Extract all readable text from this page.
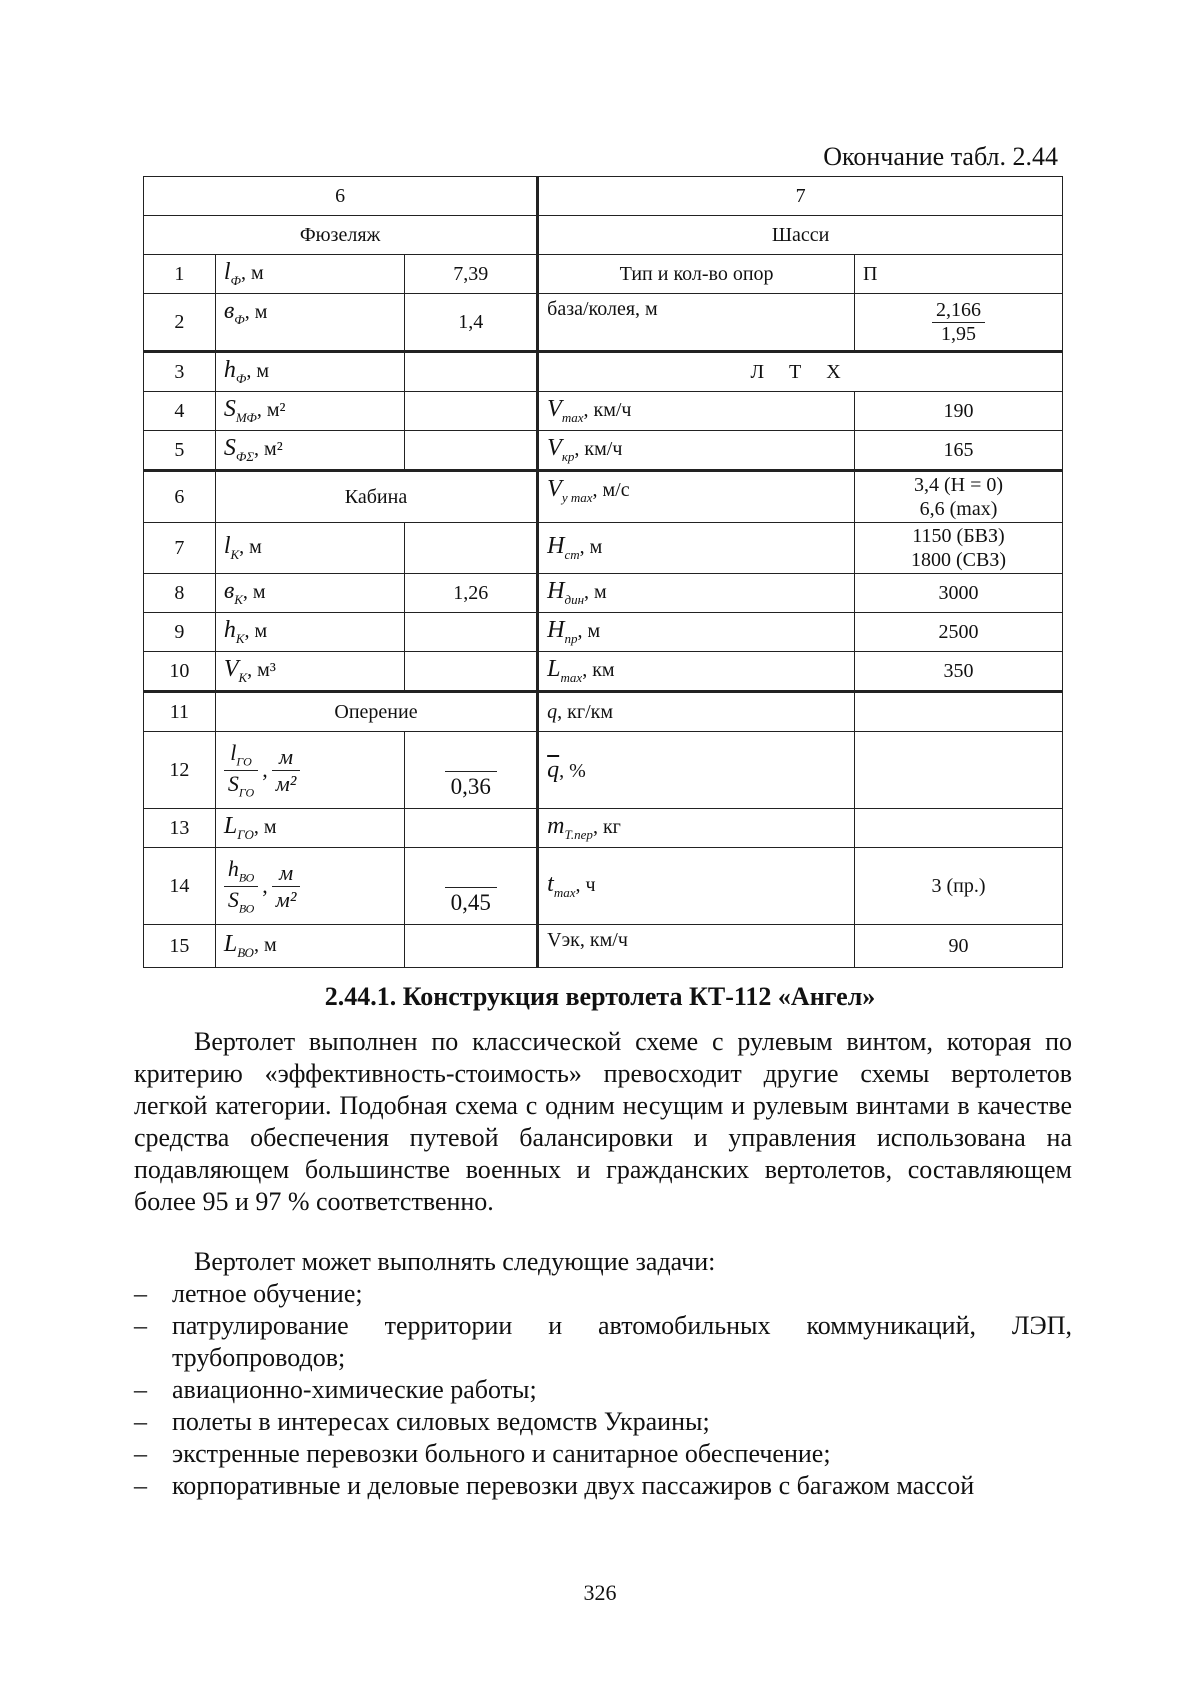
Окончание табл. 2.44
6			7	
Фюзеляж			Шасси	
1	$l_Ф$, м	7,39	Тип и кол-во опор	П
2	$в_Ф$, м	1,4	база/колея, м	$\frac{2,166}{1,95}$

3	$h_Ф$, м		Л Т Х	
4	$S_{МФ}$, м²		$V_{max}$, км/ч	190
5	$S_{Ф\Sigma}$, м²		$V_{кр}$, км/ч	165
6	Кабина		$V_{y max}$, м/с	3,4 (H = 0)
6,6 (max)
7	$l_К$, м		$H_{ст}$, м	1150 (БВЗ)
1800 (СВЗ)
8	$в_К$, м	1,26	$H_{дин}$, м	3000
9	$h_К$, м		$H_{пр}$, м	2500
10	$V_К$, м³		$L_{max}$, км	350
11	Оперение		q, кг/км	
12	$\frac{l_{ГО}}{S_{ГО}}$ , $\frac{м}{\text{м²}}$	0,36	$\overline{q}$, %	
13	$L_{ГО}$, м		$m_{Т.пер}$, кг	
14	$\frac{h_{ВО}}{S_{ВО}}$ , $\frac{м}{\text{м²}}$	0,45	$t_{max}$, ч	3 (пр.)
15	$L_{ВО}$, м		Vэк, км/ч	90
2.44.1. Конструкция вертолета КТ-112 «Ангел»

Вертолет выполнен по классической схеме с рулевым винтом, которая по критерию «эффективность-стоимость» превосходит другие схемы вертолетов легкой категории. Подобная схема с одним несущим и рулевым винтами в качестве средства обеспечения путевой балансировки и управления использована на подавляющем большинстве военных и гражданских вертолетов, составляющем более 95 и 97 % соответственно.

Вертолет может выполнять следующие задачи:

– летное обучение;
– патрулирование территории и автомобильных коммуникаций, ЛЭП, трубопроводов;
– авиационно-химические работы;
– полеты в интересах силовых ведомств Украины;
– экстренные перевозки больного и санитарное обеспечение;
– корпоративные и деловые перевозки двух пассажиров с багажом массой
326
